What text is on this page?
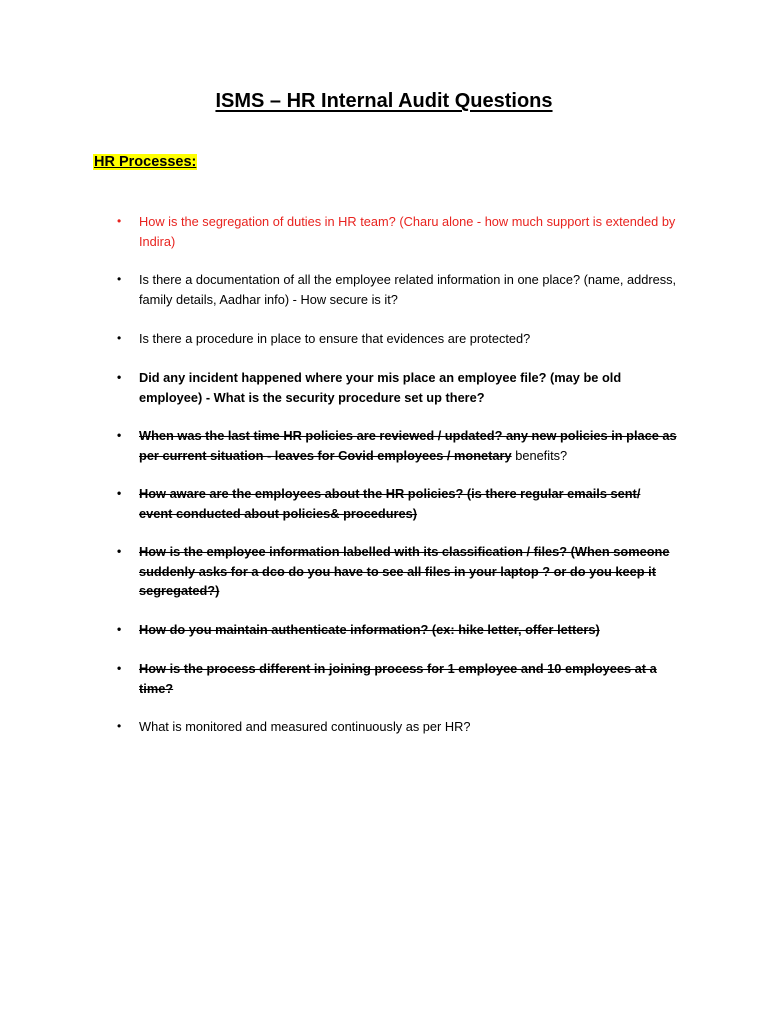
ISMS – HR Internal Audit Questions
HR Processes:
•	How is the segregation of duties in HR team? (Charu alone - how much support is extended by Indira)
•	Is there a documentation of all the employee related information in one place? (name, address, family details, Aadhar info) - How secure is it?
•	Is there a procedure in place to ensure that evidences are protected?
•	Did any incident happened where your mis place an employee file? (may be old employee) - What is the security procedure set up there?
•	When was the last time HR policies are reviewed / updated? any new policies in place as per current situation - leaves for Covid employees / monetary benefits?
•	How aware are the employees about the HR policies? (is there regular emails sent/ event conducted about policies& procedures)
•	How is the employee information labelled with its classification / files? (When someone suddenly asks for a dco do you have to see all files in your laptop ? or do you keep it segregated?)
•	How do you maintain authenticate information? (ex: hike letter, offer letters)
•	How is the process different in joining process for 1 employee and 10 employees at a time?
•	What is monitored and measured continuously as per HR?
